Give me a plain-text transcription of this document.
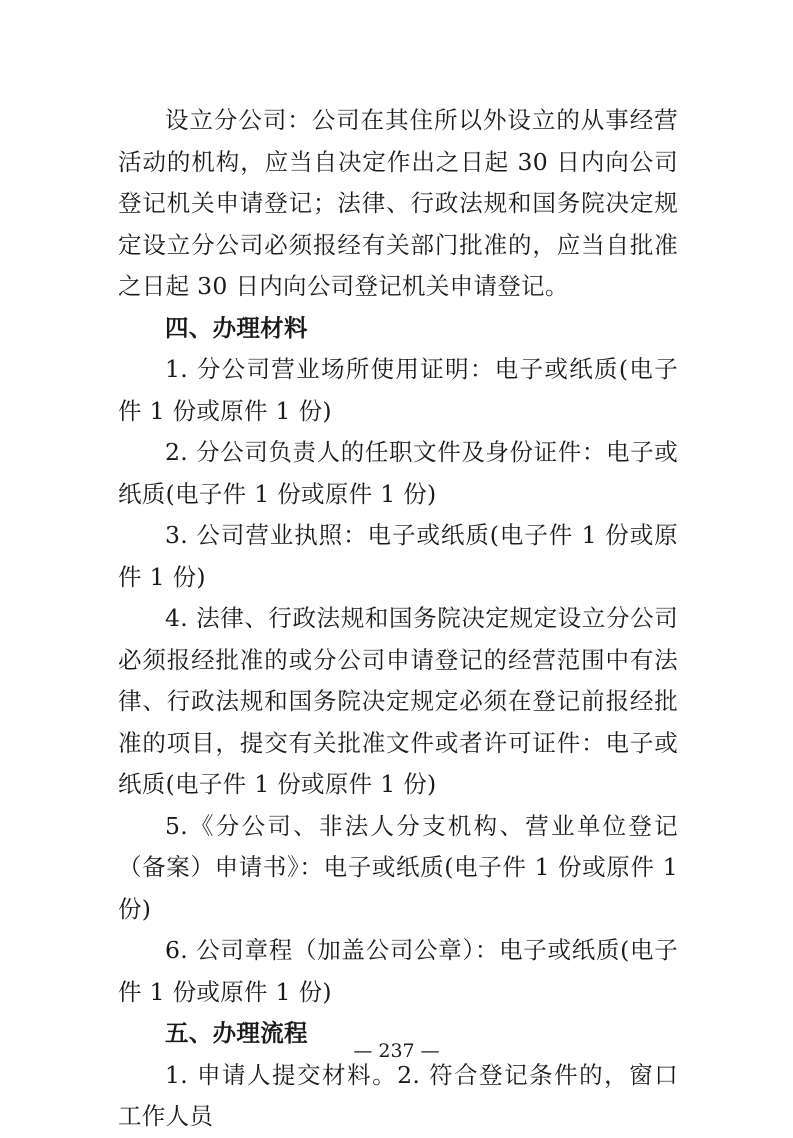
设立分公司：公司在其住所以外设立的从事经营活动的机构，应当自决定作出之日起 30 日内向公司登记机关申请登记；法律、行政法规和国务院决定规定设立分公司必须报经有关部门批准的，应当自批准之日起 30 日内向公司登记机关申请登记。

四、办理材料

1. 分公司营业场所使用证明：电子或纸质(电子件 1 份或原件 1 份)

2. 分公司负责人的任职文件及身份证件：电子或纸质(电子件 1 份或原件 1 份)

3. 公司营业执照：电子或纸质(电子件 1 份或原件 1 份)

4. 法律、行政法规和国务院决定规定设立分公司必须报经批准的或分公司申请登记的经营范围中有法律、行政法规和国务院决定规定必须在登记前报经批准的项目，提交有关批准文件或者许可证件：电子或纸质(电子件 1 份或原件 1 份)

5.《分公司、非法人分支机构、营业单位登记（备案）申请书》：电子或纸质(电子件 1 份或原件 1 份)

6. 公司章程（加盖公司公章）：电子或纸质(电子件 1 份或原件 1 份)

五、办理流程

1. 申请人提交材料。2. 符合登记条件的，窗口工作人员

— 237 —
